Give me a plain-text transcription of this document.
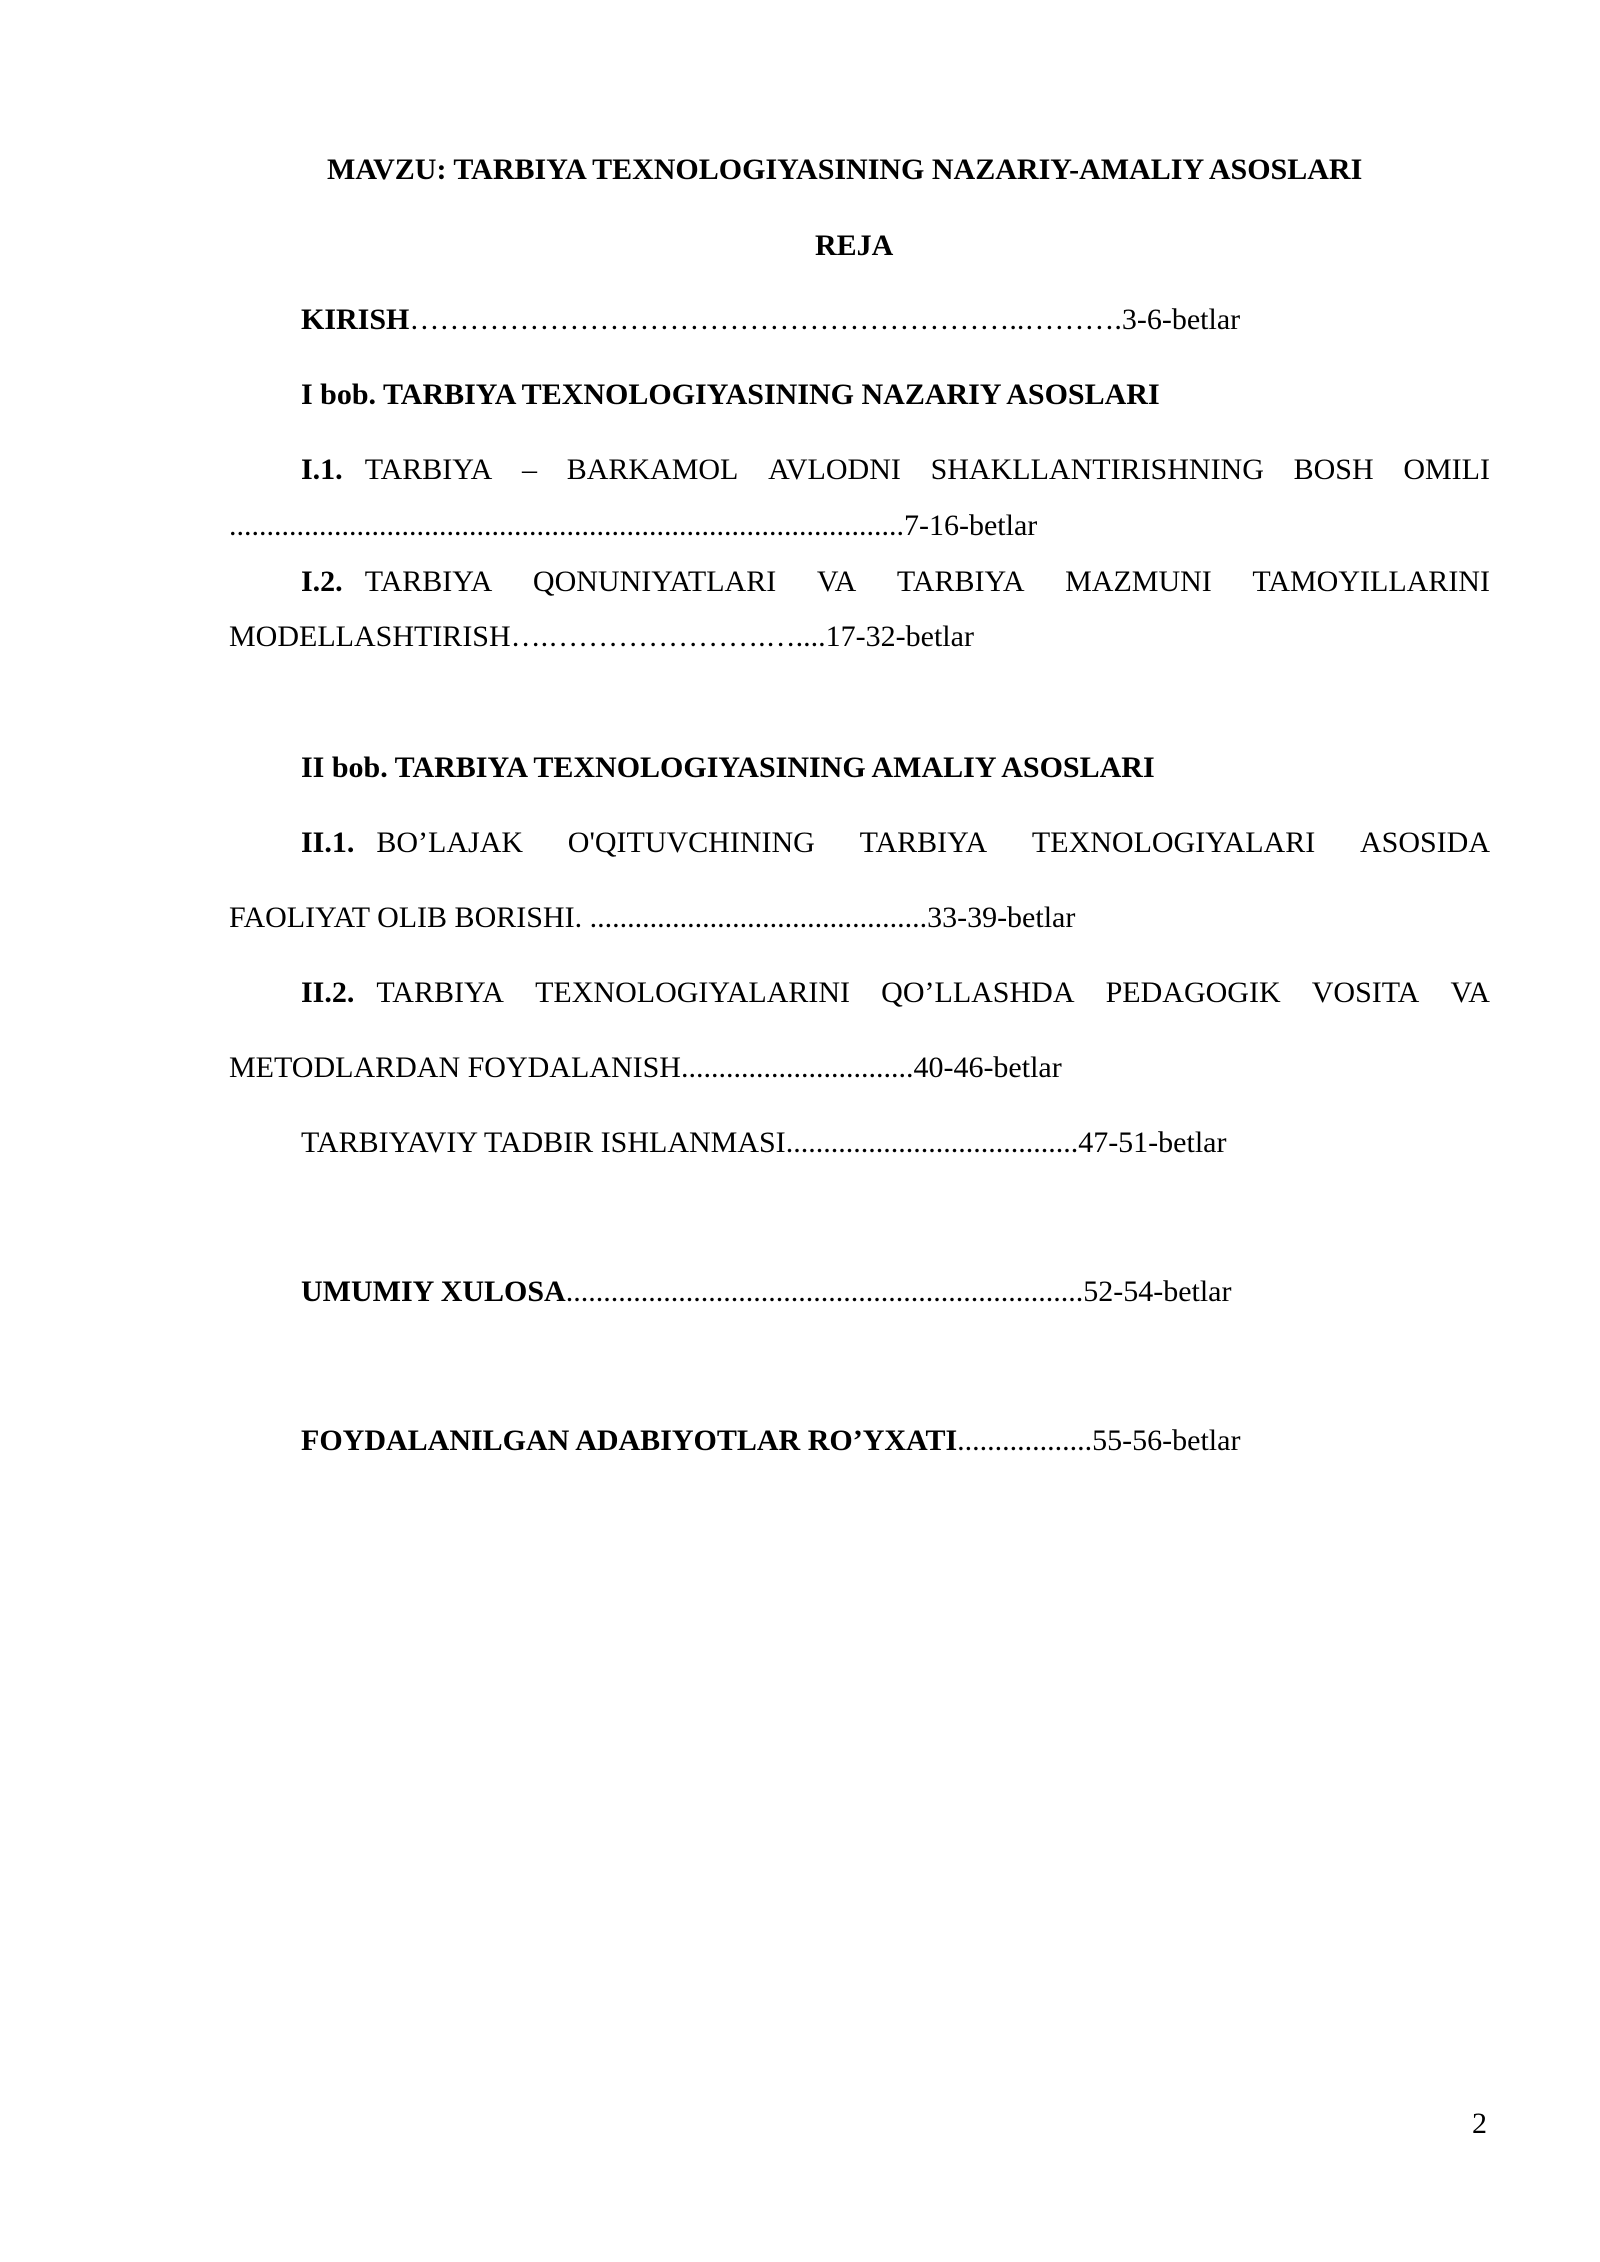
MAVZU: TARBIYA TEXNOLOGIYASINING NAZARIY-AMALIY ASOSLARI
REJA
KIRISH……………………………………………………..……….3-6-betlar
I bob. TARBIYA TEXNOLOGIYASINING NAZARIY ASOSLARI
I.1. TARBIYA – BARKAMOL AVLODNI SHAKLLANTIRISHNING BOSH OMILI
..........................................................................................7-16-betlar
I.2. TARBIYA QONUNIYATLARI VA TARBIYA MAZMUNI TAMOYILLARINI
MODELLASHTIRISH….………………….…....17-32-betlar
II bob. TARBIYA TEXNOLOGIYASINING AMALIY ASOSLARI
II.1. BO’LAJAK O'QITUVCHINING TARBIYA TEXNOLOGIYALARI ASOSIDA
FAOLIYAT OLIB BORISHI. .............................................33-39-betlar
II.2. TARBIYA TEXNOLOGIYALARINI QO’LLASHDA PEDAGOGIK VOSITA VA
METODLARDAN FOYDALANISH...............................40-46-betlar
TARBIYAVIY TADBIR ISHLANMASI.......................................47-51-betlar
UMUMIY XULOSA.....................................................................52-54-betlar
FOYDALANILGAN ADABIYOTLAR RO’YXATI..................55-56-betlar
2
